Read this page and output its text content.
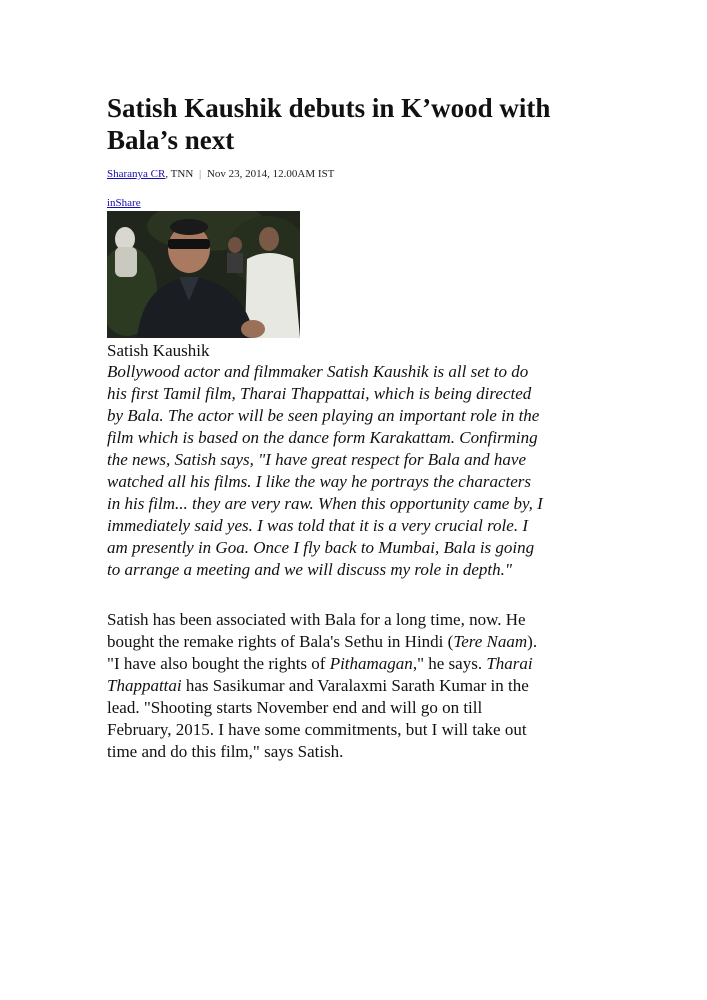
Satish Kaushik debuts in K’wood with
Bala’s next
Sharanya CR, TNN | Nov 23, 2014, 12.00AM IST
inShare
Satish Kaushik
Bollywood actor and filmmaker Satish Kaushik is all set to do
his first Tamil film, Tharai Thappattai, which is being directed
by Bala. The actor will be seen playing an important role in the
film which is based on the dance form Karakattam. Confirming
the news, Satish says, "I have great respect for Bala and have
watched all his films. I like the way he portrays the characters
in his film... they are very raw. When this opportunity came by, I
immediately said yes. I was told that it is a very crucial role. I
am presently in Goa. Once I fly back to Mumbai, Bala is going
to arrange a meeting and we will discuss my role in depth."
Satish has been associated with Bala for a long time, now. He
bought the remake rights of Bala's Sethu in Hindi (Tere Naam).
"I have also bought the rights of Pithamagan," he says. Tharai
Thappattai has Sasikumar and Varalaxmi Sarath Kumar in the
lead. "Shooting starts November end and will go on till
February, 2015. I have some commitments, but I will take out
time and do this film," says Satish.
